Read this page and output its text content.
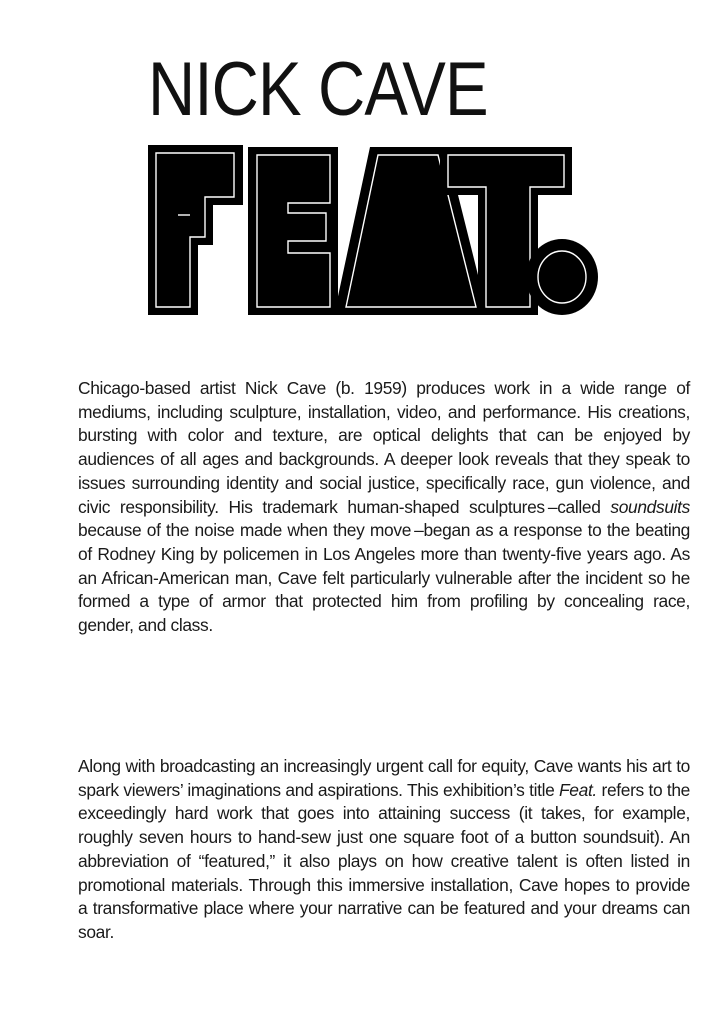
NICK CAVE

Chicago-based artist Nick Cave (b. 1959) produces work in a wide range of mediums, including sculpture, installation, video, and performance. His creations, bursting with color and texture, are optical delights that can be enjoyed by audiences of all ages and backgrounds. A deeper look reveals that they speak to issues surrounding identity and social justice, specifically race, gun violence, and civic responsibility. His trademark human-shaped sculptures –called soundsuits because of the noise made when they move –began as a response to the beating of Rodney King by policemen in Los Angeles more than twenty-five years ago. As an African-American man, Cave felt particularly vulnerable after the incident so he formed a type of armor that protected him from profiling by concealing race, gender, and class.

Along with broadcasting an increasingly urgent call for equity, Cave wants his art to spark viewers’ imaginations and aspirations. This exhibition’s title Feat. refers to the exceedingly hard work that goes into attaining success (it takes, for example, roughly seven hours to hand-sew just one square foot of a button soundsuit). An abbreviation of “featured,” it also plays on how creative talent is often listed in promotional materials. Through this immersive installation, Cave hopes to provide a transformative place where your narrative can be featured and your dreams can soar.
